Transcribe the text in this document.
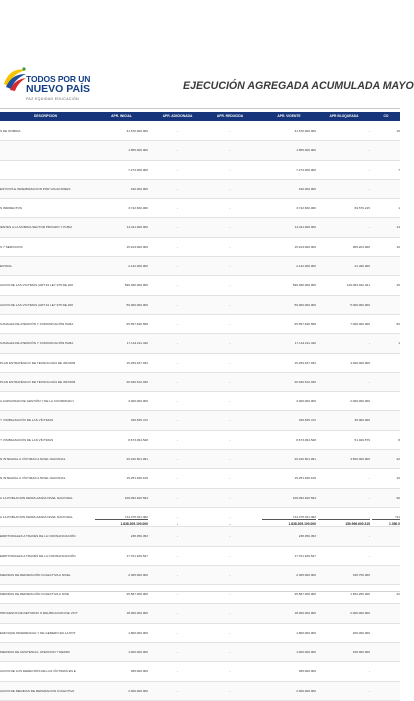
TODOS POR UN
NUEVO PAÍS
PAZ EQUIDAD EDUCACIÓN
EJECUCIÓN AGREGADA ACUMULADA MAYO
DESCRIPCION	APR. INICIAL	APR. ADICIONADA	APR. REDUCIDA	APR. VIGENTE	APR BLOQUEADA	CO
S DE NOMINA	31.570.000.000	-	-	31.570.000.000	-	10
1.855.000.000	-	-	1.855.000.000	-
7.274.000.000	-	-	7.274.000.000	-	7
ESTIVOS E INDEMNIZACION POR VACACIONES	190.000.000	-	-	190.000.000	-
S INDIRECTOS	3.722.660.000	-	-	3.722.660.000	69.576.215	1
IENTES A LA NOMINA SECTOR PRIVADO Y PUBLI	14.011.000.000	-	-	14.011.000.000	-	14
S Y SERVICIOS	15.104.000.000	-	-	15.104.000.000	905.204.000	10
ENTRAL	2.142.000.000	-	-	2.142.000.000	21.420.000
ACION DE LAS VICTIMAS (ART.19 LEY 975 DE 200	599.366.000.000	-	-	599.366.000.000	126.064.022.321	45
ACION DE LAS VICTIMAS (ART.19 LEY 975 DE 200	50.000.000.000	-	-	50.000.000.000	5.000.000.000
CANALES DE ATENCIÓN Y COMUNICACIÓN PARA	65.657.646.558	-	-	65.657.646.558	7.000.000.000	50
CANALES DE ATENCIÓN Y COMUNICACIÓN PARA	17.142.211.440	-	-	17.142.211.440	-	1
PLAN ESTRATÉGICO DE TECNOLOGÍA DE INFORM	15.459.467.934	-	-	15.459.467.934	4.000.000.000
PLAN ESTRATÉGICO DE TECNOLOGÍA DE INFORM	26.940.512.046	-	-	26.940.512.046	-
A CAPACIDAD DE GESTIÓN Y DE LA COORDINACI	3.000.000.000	-	-	3.000.000.000	2.000.000.000
Y VISIBILIZACIÓN DE LAS VÍCTIMAS	336.535.472	-	-	336.535.472	35.000.000
Y VISIBILIZACIÓN DE LAS VÍCTIMAS	8.673.064.528	-	-	8.673.064.528	51.049.579	8
N INTEGRAL A VÍCTIMAS A NIVEL NACIONAL	26.220.501.091	-	-	26.220.501.091	3.500.000.000	22
N INTEGRAL A VÍCTIMAS A NIVEL NACIONAL	19.251.468.109	-	-	19.251.468.109	-	10
A LA POBLACION DESPLAZADA NIVEL NACIONAL	109.052.920.594	-	-	109.052.920.594	-	96
A LA POBLACION DESPLAZADA NIVEL NACIONAL	714.375.321.362	-	-	714.375.321.362	-	711
ERRITORIALES A TRAVÉS DE LA COFINANCIACIÓN	238.050.453	-	-	238.050.453	-
ERRITORIALES A TRAVÉS DE LA COFINANCIACIÓN	17.761.949.547	-	-	17.761.949.547	-
MEDIDAS DE REPARACIÓN COLECTIVA A NIVEL	2.365.000.000	-	-	2.365.000.000	345.750.000
MEDIDAS DE REPARACIÓN COLECTIVA A NIVE	25.587.000.000	-	-	25.587.000.000	1.654.250.000	22
PROCESOS DE RETORNO O REUBICACION DE VICT	18.000.000.000	-	-	18.000.000.000	2.000.000.000
ENFOQUE DIFERENCIAL Y DE GENERO EN LA POT	1.800.000.000	-	-	1.800.000.000	200.000.000
MEDIDAS DE ASISTENCIA, ATENCION Y REPAR	1.000.000.000	-	-	1.000.000.000	150.000.000
ACION DE LOS DERECHOS DE LAS VÍCTIMAS EN E	365.000.000	-	-	365.000.000	-
ACION DE MEDIDAS DE REPARACION COLECTIVA	2.000.000.000	-	-	2.000.000.000	-
1.838.309.100.000	-	-	1.838.309.100.000	150.996.600.315	1.390.0
